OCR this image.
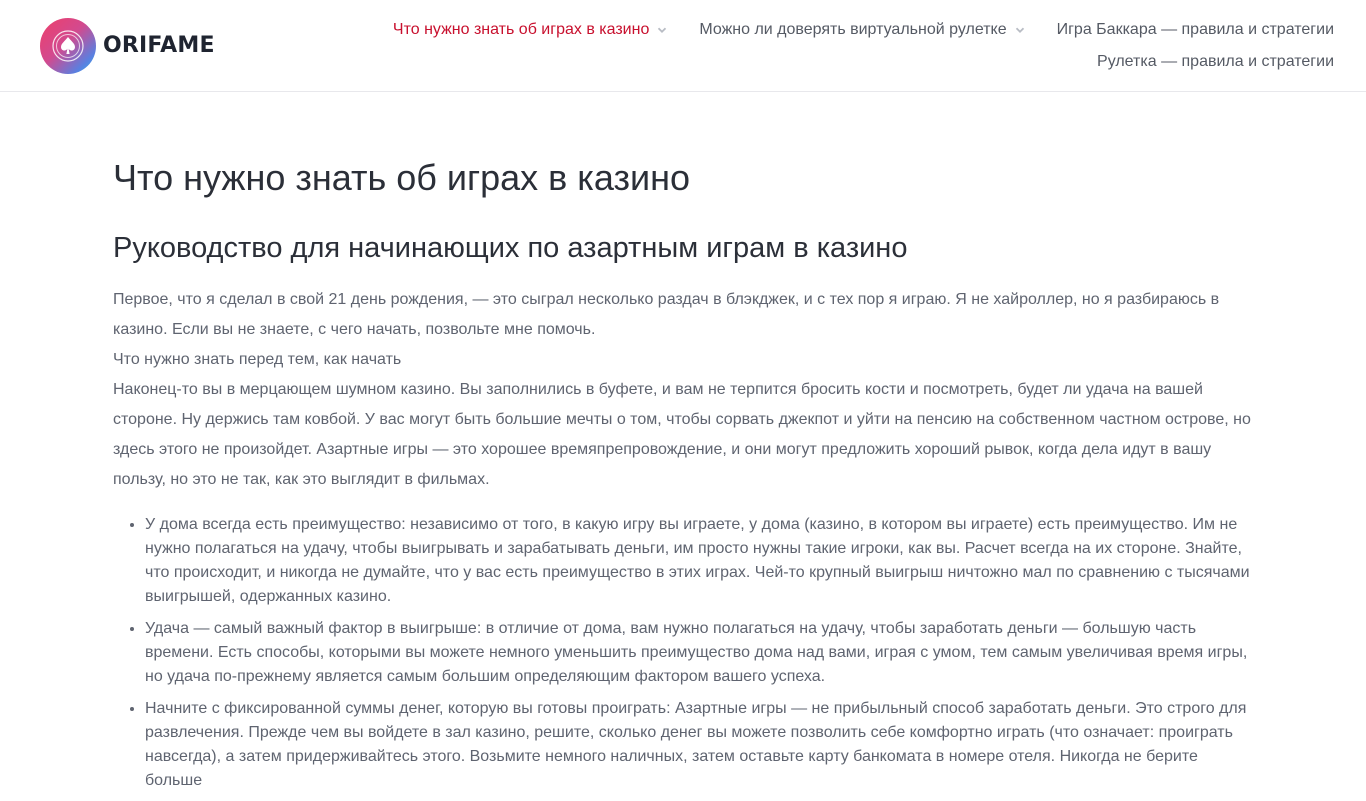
ORIFAME
Что нужно знать об играх в казино	Можно ли доверять виртуальной рулетке	Игра Баккара — правила и стратегии
Рулетка — правила и стратегии
Что нужно знать об играх в казино
Руководство для начинающих по азартным играм в казино

Первое, что я сделал в свой 21 день рождения, — это сыграл несколько раздач в блэкджек, и с тех пор я играю. Я не хайроллер, но я разбираюсь в казино. Если вы не знаете, с чего начать, позвольте мне помочь.

Что нужно знать перед тем, как начать

Наконец-то вы в мерцающем шумном казино. Вы заполнились в буфете, и вам не терпится бросить кости и посмотреть, будет ли удача на вашей стороне. Ну держись там ковбой. У вас могут быть большие мечты о том, чтобы сорвать джекпот и уйти на пенсию на собственном частном острове, но здесь этого не произойдет. Азартные игры — это хорошее времяпрепровождение, и они могут предложить хороший рывок, когда дела идут в вашу пользу, но это не так, как это выглядит в фильмах.

• У дома всегда есть преимущество: независимо от того, в какую игру вы играете, у дома (казино, в котором вы играете) есть преимущество. Им не нужно полагаться на удачу, чтобы выигрывать и зарабатывать деньги, им просто нужны такие игроки, как вы. Расчет всегда на их стороне. Знайте, что происходит, и никогда не думайте, что у вас есть преимущество в этих играх. Чей-то крупный выигрыш ничтожно мал по сравнению с тысячами выигрышей, одержанных казино.
• Удача — самый важный фактор в выигрыше: в отличие от дома, вам нужно полагаться на удачу, чтобы заработать деньги — большую часть времени. Есть способы, которыми вы можете немного уменьшить преимущество дома над вами, играя с умом, тем самым увеличивая время игры, но удача по-прежнему является самым большим определяющим фактором вашего успеха.
• Начните с фиксированной суммы денег, которую вы готовы проиграть: Азартные игры — не прибыльный способ заработать деньги. Это строго для развлечения. Прежде чем вы войдете в зал казино, решите, сколько денег вы можете позволить себе комфортно играть (что означает: проиграть навсегда), а затем придерживайтесь этого. Возьмите немного наличных, затем оставьте карту банкомата в номере отеля. Никогда не берите больше
